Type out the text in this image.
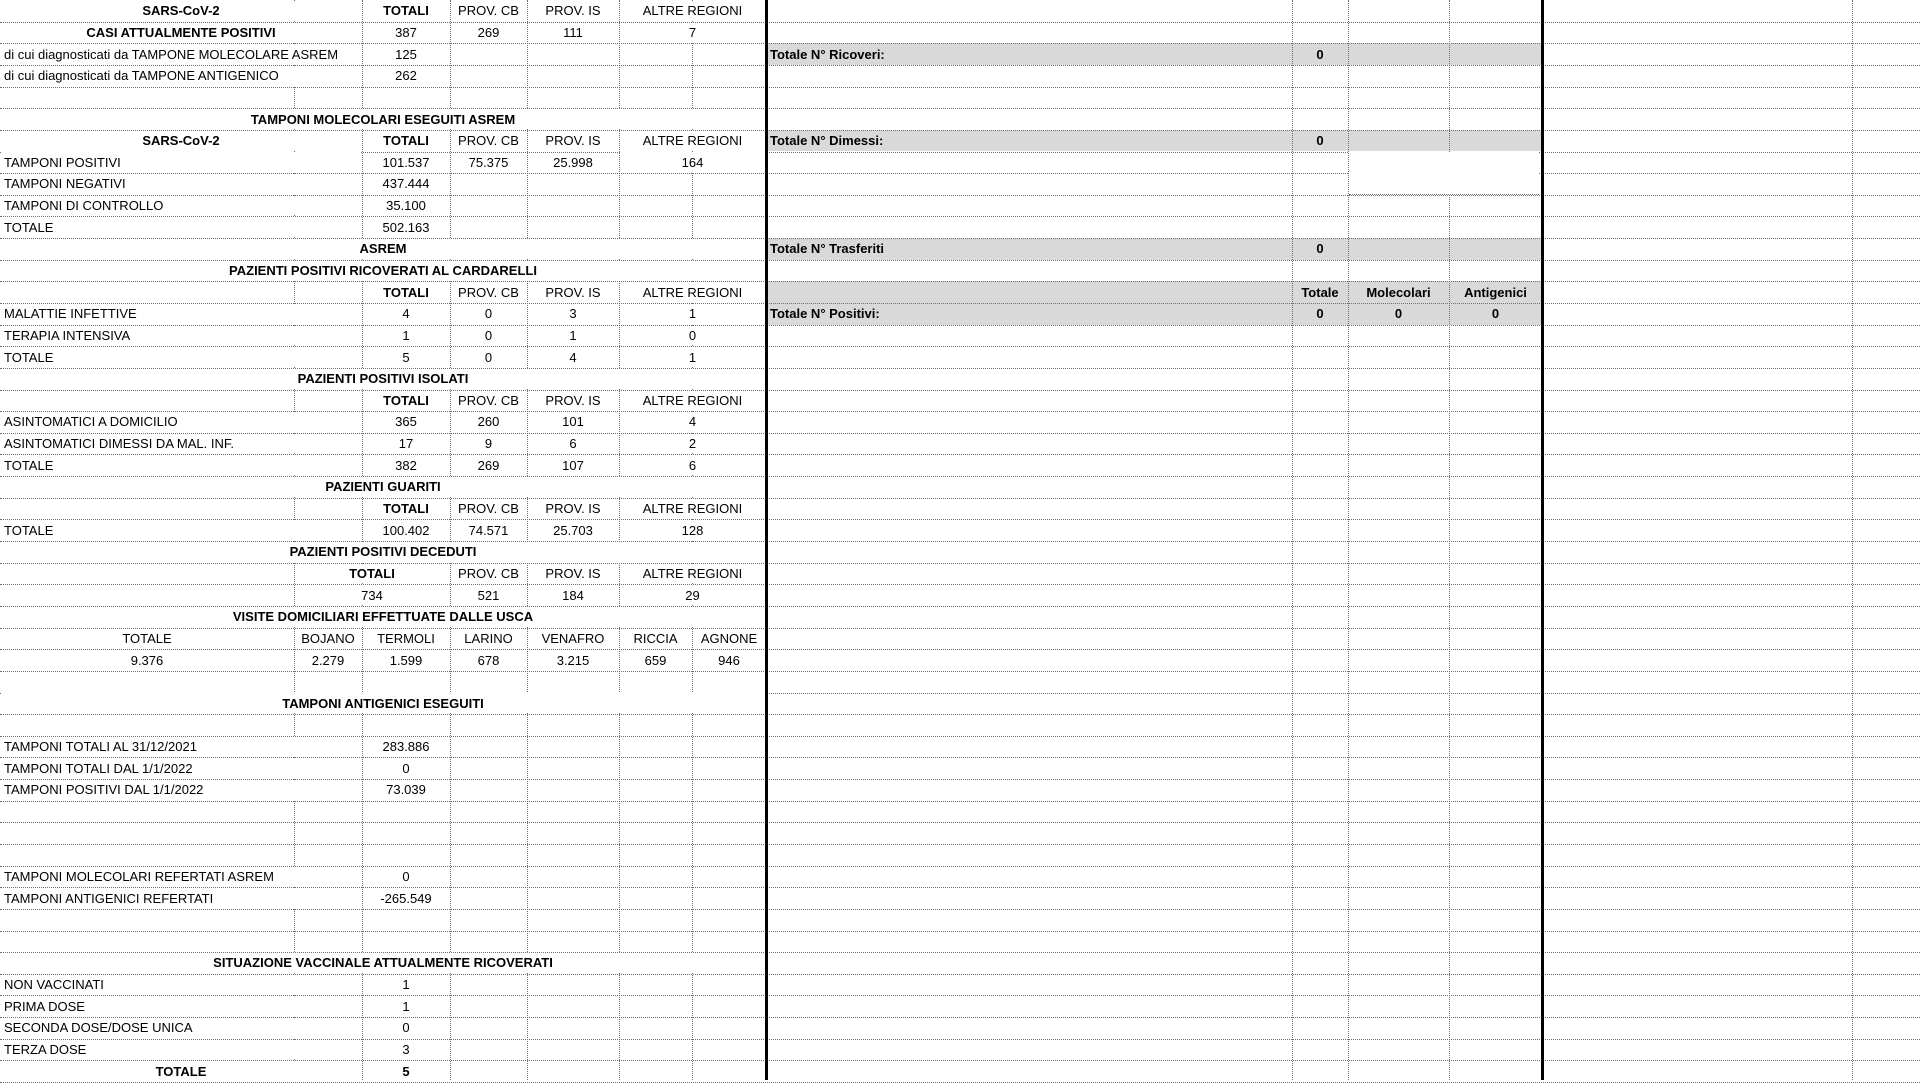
SARS-CoV-2	TOTALI	PROV. CB	PROV. IS	ALTRE REGIONI
CASI ATTUALMENTE POSITIVI	387	269	111	7
di cui diagnosticati da TAMPONE MOLECOLARE ASREM	125
di cui diagnosticati da TAMPONE ANTIGENICO	262
TAMPONI MOLECOLARI ESEGUITI ASREM
SARS-CoV-2	TOTALI	PROV. CB	PROV. IS	ALTRE REGIONI
TAMPONI POSITIVI	101.537	75.375	25.998	164
TAMPONI NEGATIVI	437.444
TAMPONI DI CONTROLLO	35.100
TOTALE	502.163
ASREM
PAZIENTI POSITIVI RICOVERATI AL CARDARELLI
TOTALI	PROV. CB	PROV. IS	ALTRE REGIONI
MALATTIE INFETTIVE	4	0	3	1
TERAPIA INTENSIVA	1	0	1	0
TOTALE	5	0	4	1
PAZIENTI POSITIVI ISOLATI
TOTALI	PROV. CB	PROV. IS	ALTRE REGIONI
ASINTOMATICI A DOMICILIO	365	260	101	4
ASINTOMATICI DIMESSI DA MAL. INF.	17	9	6	2
TOTALE	382	269	107	6
PAZIENTI GUARITI
TOTALI	PROV. CB	PROV. IS	ALTRE REGIONI
TOTALE	100.402	74.571	25.703	128
PAZIENTI POSITIVI DECEDUTI
TOTALI	PROV. CB	PROV. IS	ALTRE REGIONI
734	521	184	29
VISITE DOMICILIARI EFFETTUATE DALLE USCA
TOTALE	BOJANO	TERMOLI	LARINO	VENAFRO	RICCIA	AGNONE
9.376	2.279	1.599	678	3.215	659	946
TAMPONI ANTIGENICI ESEGUITI
TAMPONI TOTALI AL 31/12/2021	283.886
TAMPONI TOTALI DAL 1/1/2022	0
TAMPONI POSITIVI DAL 1/1/2022	73.039
TAMPONI MOLECOLARI REFERTATI ASREM	0
TAMPONI ANTIGENICI REFERTATI	-265.549
SITUAZIONE VACCINALE ATTUALMENTE RICOVERATI
NON VACCINATI	1
PRIMA DOSE	1
SECONDA DOSE/DOSE UNICA	0
TERZA DOSE	3
TOTALE	5
Totale N° Ricoveri:	0
Totale N° Dimessi:	0
Totale N° Trasferiti	0
Totale	Molecolari	Antigenici
Totale N° Positivi:	0	0	0
